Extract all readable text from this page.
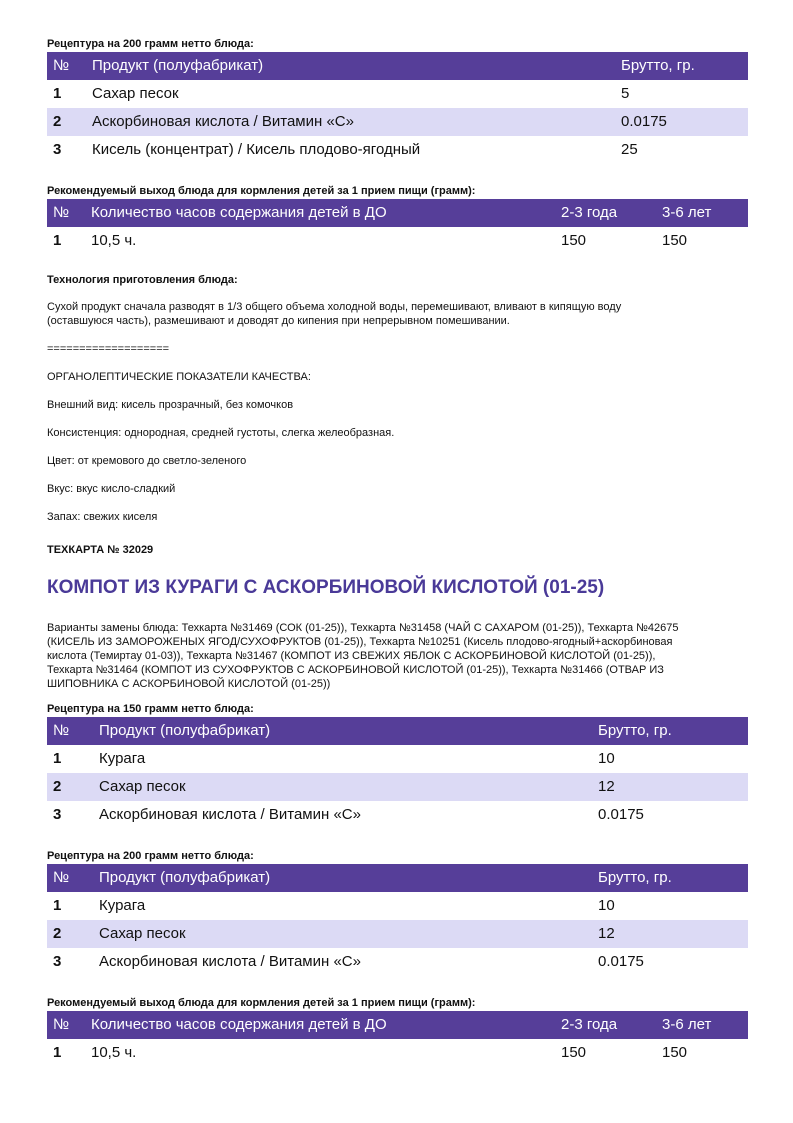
Рецептура на 200 грамм нетто блюда:
№ Продукт (полуфабрикат)	Брутто, гр.
1 Сахар песок	5
2 Аскорбиновая кислота / Витамин «С»	0.0175
3 Кисель (концентрат) / Кисель плодово-ягодный	25
Рекомендуемый выход блюда для кормления детей за 1 прием пищи (грамм):
№ Количество часов содержания детей в ДО	2-3 года	3-6 лет
1 10,5 ч.	150	150
Технология приготовления блюда:
Сухой продукт сначала разводят в 1/3 общего объема холодной воды, перемешивают, вливают в кипящую воду
(оставшуюся часть), размешивают и доводят до кипения при непрерывном помешивании.
===================
ОРГАНОЛЕПТИЧЕСКИЕ ПОКАЗАТЕЛИ КАЧЕСТВА:
Внешний вид: кисель прозрачный, без комочков
Консистенция: однородная, средней густоты, слегка желеобразная.
Цвет: от кремового до светло-зеленого
Вкус: вкус кисло-сладкий
Запах: свежих киселя
ТЕХКАРТА № 32029
КОМПОТ ИЗ КУРАГИ С АСКОРБИНОВОЙ КИСЛОТОЙ (01-25)
Варианты замены блюда: Техкарта №31469 (СОК (01-25)), Техкарта №31458 (ЧАЙ С САХАРОМ (01-25)), Техкарта №42675
(КИСЕЛЬ ИЗ ЗАМОРОЖЕНЫХ ЯГОД/СУХОФРУКТОВ (01-25)), Техкарта №10251 (Кисель плодово-ягодный+аскорбиновая
кислота (Темиртау 01-03)), Техкарта №31467 (КОМПОТ ИЗ СВЕЖИХ ЯБЛОК С АСКОРБИНОВОЙ КИСЛОТОЙ (01-25)),
Техкарта №31464 (КОМПОТ ИЗ СУХОФРУКТОВ С АСКОРБИНОВОЙ КИСЛОТОЙ (01-25)), Техкарта №31466 (ОТВАР ИЗ
ШИПОВНИКА С АСКОРБИНОВОЙ КИСЛОТОЙ (01-25))
Рецептура на 150 грамм нетто блюда:
№ Продукт (полуфабрикат)	Брутто, гр.
1	Курага	10
2	Сахар песок	12
3	Аскорбиновая кислота / Витамин «С»	0.0175
Рецептура на 200 грамм нетто блюда:
№ Продукт (полуфабрикат)	Брутто, гр.
1	Курага	10
2	Сахар песок	12
3	Аскорбиновая кислота / Витамин «С»	0.0175
Рекомендуемый выход блюда для кормления детей за 1 прием пищи (грамм):
№ Количество часов содержания детей в ДО	2-3 года	3-6 лет
1 10,5 ч.	150	150
